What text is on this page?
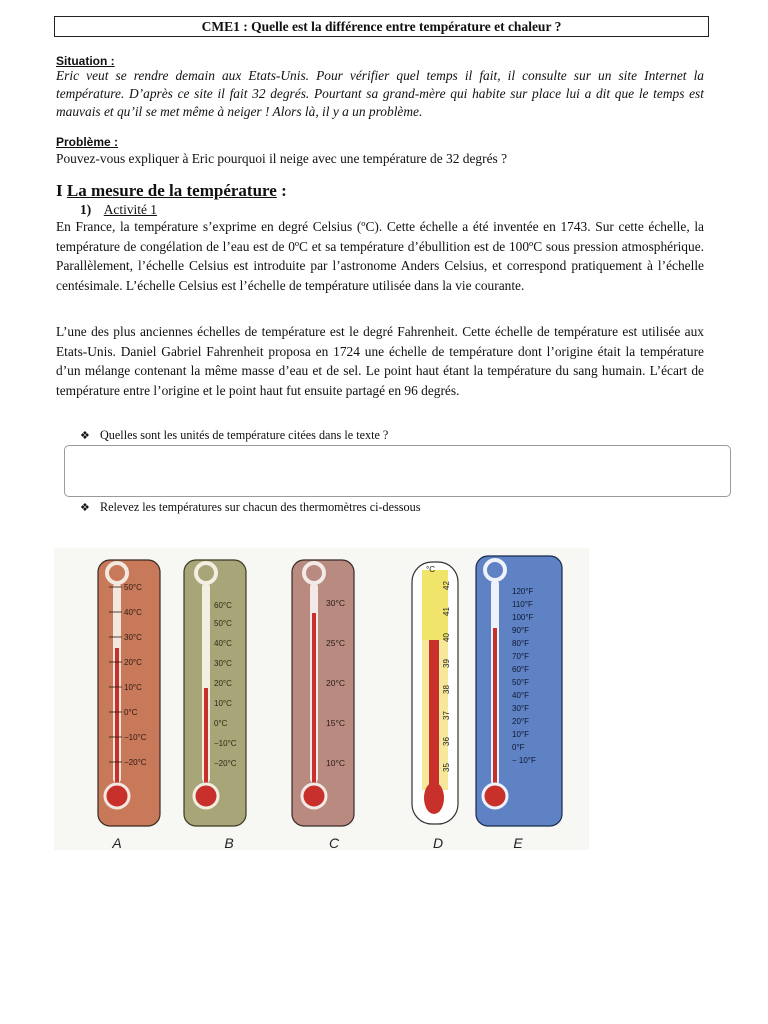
CME1 : Quelle est la différence entre température et chaleur ?
Situation :
Eric veut se rendre demain aux Etats-Unis. Pour vérifier quel temps il fait, il consulte sur un site Internet la température. D’après ce site il fait 32 degrés. Pourtant sa grand-mère qui habite sur place lui a dit que le temps est mauvais et qu’il se met même à neiger ! Alors là, il y a un problème.
Problème :
Pouvez-vous expliquer à Eric pourquoi il neige avec une température de 32 degrés ?
I La mesure de la température :
1) Activité 1
En France, la température s’exprime en degré Celsius (ºC). Cette échelle a été inventée en 1743. Sur cette échelle, la température de congélation de l’eau est de 0ºC et sa température d’ébullition est de 100ºC sous pression atmosphérique. Parallèlement, l’échelle Celsius est introduite par l’astronome Anders Celsius, et correspond pratiquement à l’échelle centésimale. L’échelle Celsius est l’échelle de température utilisée dans la vie courante.
L’une des plus anciennes échelles de température est le degré Fahrenheit. Cette échelle de température est utilisée aux Etats-Unis. Daniel Gabriel Fahrenheit proposa en 1724 une échelle de température dont l’origine était la température d’un mélange contenant la même masse d’eau et de sel. Le point haut étant la température du sang humain. L’écart de température entre l’origine et le point haut fut ensuite partagé en 96 degrés.
❖ Quelles sont les unités de température citées dans le texte ?
❖ Relevez les températures sur chacun des thermomètres ci-dessous
A
50°C
40°C
30°C
20°C
10°C
0°C
−10°C
−20°C
B
60°C
50°C
40°C
30°C
20°C
10°C
0°C
−10°C
−20°C
C
30°C
25°C
20°C
15°C
10°C
°C
D
42
41
40
39
38
37
36
35
E
120°F
110°F
100°F
90°F
80°F
70°F
60°F
50°F
40°F
30°F
20°F
10°F
0°F
− 10°F
